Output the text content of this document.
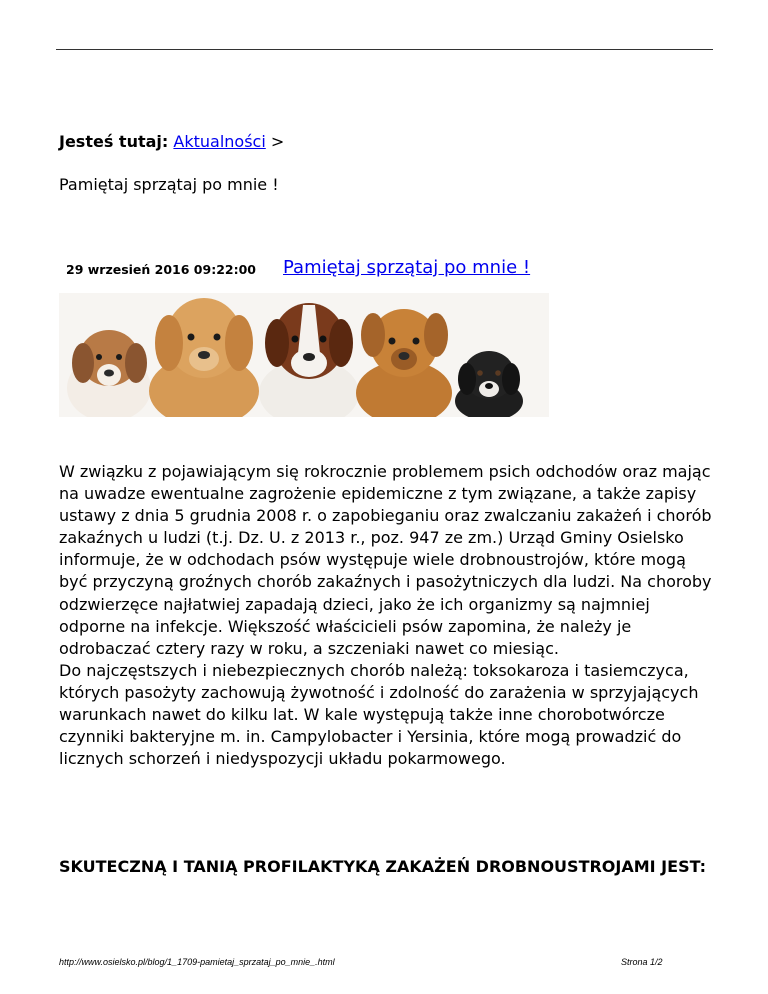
Jesteś tutaj: Aktualności >
Pamiętaj sprzątaj po mnie !
29 wrzesień 2016 09:22:00 Pamiętaj sprzątaj po mnie !

W związku z pojawiającym się rokrocznie problemem psich odchodów oraz mając na uwadze ewentualne zagrożenie epidemiczne z tym związane, a także zapisy ustawy z dnia 5 grudnia 2008 r. o zapobieganiu oraz zwalczaniu zakażeń i chorób zakaźnych u ludzi (t.j. Dz. U. z 2013 r., poz. 947 ze zm.) Urząd Gminy Osielsko informuje, że w odchodach psów występuje wiele drobnoustrojów, które mogą być przyczyną groźnych chorób zakaźnych i pasożytniczych dla ludzi. Na choroby odzwierzęce najłatwiej zapadają dzieci, jako że ich organizmy są najmniej odporne na infekcje. Większość właścicieli psów zapomina, że należy je odrobaczać cztery razy w roku, a szczeniaki nawet co miesiąc.

Do najczęstszych i niebezpiecznych chorób należą: toksokaroza i tasiemczyca, których pasożyty zachowują żywotność i zdolność do zarażenia w sprzyjających warunkach nawet do kilku lat. W kale występują także inne chorobotwórcze czynniki bakteryjne m. in. Campylobacter i Yersinia, które mogą prowadzić do licznych schorzeń i niedyspozycji układu pokarmowego.

SKUTECZNĄ I TANIĄ PROFILAKTYKĄ ZAKAŻEŃ DROBNOUSTROJAMI JEST:
http://www.osielsko.pl/blog/1_1709-pamietaj_sprzataj_po_mnie_.html	Strona 1/2
